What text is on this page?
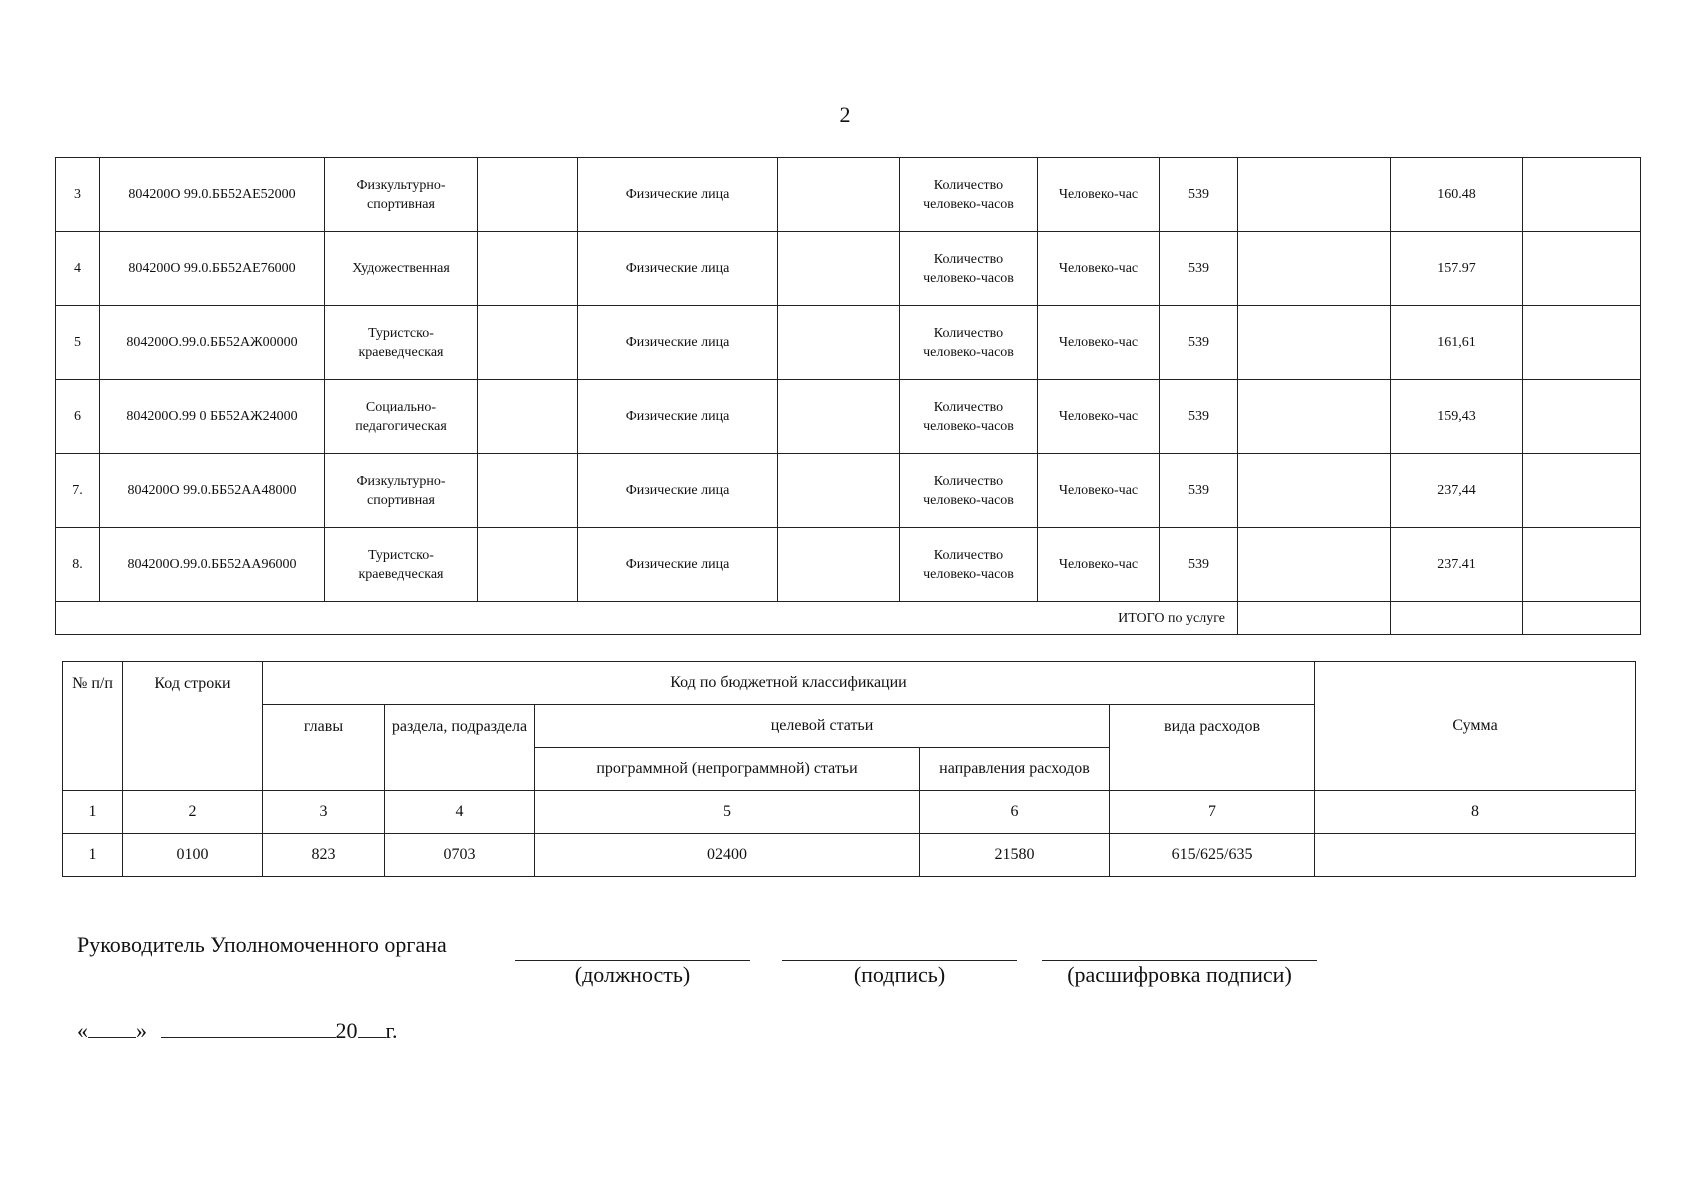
2
3	804200О 99.0.ББ52АЕ52000	Физкультурно-спортивная		Физические лица		Количество человеко-часов	Человеко-час	539		160.48	
4	804200О 99.0.ББ52АЕ76000	Художественная		Физические лица		Количество человеко-часов	Человеко-час	539		157.97	
5	804200О.99.0.ББ52АЖ00000	Туристско-краеведческая		Физические лица		Количество человеко-часов	Человеко-час	539		161,61	
6	804200О.99 0 ББ52АЖ24000	Социально-педагогическая		Физические лица		Количество человеко-часов	Человеко-час	539		159,43	
7.	804200О 99.0.ББ52АА48000	Физкультурно-спортивная		Физические лица		Количество человеко-часов	Человеко-час	539		237,44	
8.	804200О.99.0.ББ52АА96000	Туристско-краеведческая		Физические лица		Количество человеко-часов	Человеко-час	539		237.41	
ИТОГО по услуге											
№ п/п	Код строки	Код по бюджетной классификации					Сумма
		главы	раздела, подраздела	целевой статьи		вида расходов	
				программной (непрограммной) статьи	направления расходов		
1	2	3	4	5	6	7	8
1	0100	823	0703	02400	21580	615/625/635	
Руководитель Уполномоченного органа
(должность)	(подпись)	(расшифровка подписи)
« »	20 г.
